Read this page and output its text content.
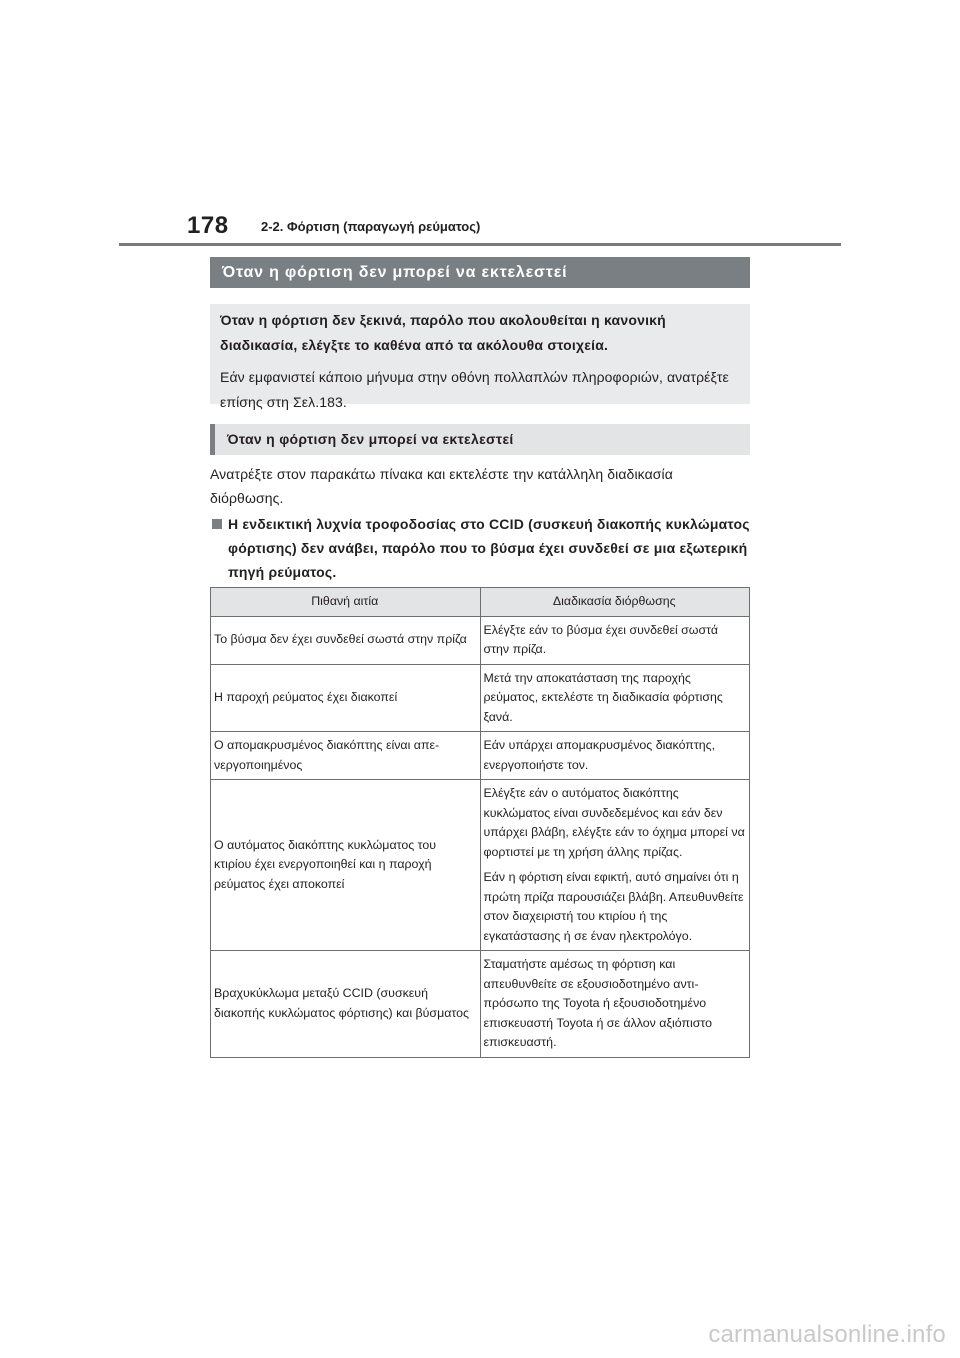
178 2-2. Φόρτιση (παραγωγή ρεύματος)
Όταν η φόρτιση δεν μπορεί να εκτελεστεί
Όταν η φόρτιση δεν ξεκινά, παρόλο που ακολουθείται η κανονική διαδικασία, ελέγξτε το καθένα από τα ακόλουθα στοιχεία.
Εάν εμφανιστεί κάποιο μήνυμα στην οθόνη πολλαπλών πληροφοριών, ανατρέξτε επίσης στη Σελ.183.
Όταν η φόρτιση δεν μπορεί να εκτελεστεί
Ανατρέξτε στον παρακάτω πίνακα και εκτελέστε την κατάλληλη διαδικασία διόρθωσης.
Η ενδεικτική λυχνία τροφοδοσίας στο CCID (συσκευή διακοπής κυκλώματος φόρτισης) δεν ανάβει, παρόλο που το βύσμα έχει συνδεθεί σε μια εξωτερική πηγή ρεύματος.
Πιθανή αιτία	Διαδικασία διόρθωσης
Το βύσμα δεν έχει συνδεθεί σωστά στην πρίζα	Ελέγξτε εάν το βύσμα έχει συνδεθεί σωστά στην πρίζα.

Η παροχή ρεύματος έχει διακοπεί	Μετά την αποκατάσταση της παροχής ρεύματος, εκτελέστε τη διαδικασία φόρτισης ξανά.

Ο απομακρυσμένος διακόπτης είναι απενεργοποιημένος	Εάν υπάρχει απομακρυσμένος διακόπτης, ενεργοποιήστε τον.

Ο αυτόματος διακόπτης κυκλώματος του κτιρίου έχει ενεργοποιηθεί και η παροχή ρεύματος έχει αποκοπεί	Ελέγξτε εάν ο αυτόματος διακόπτης κυκλώματος είναι συνδεδεμένος και εάν δεν υπάρχει βλάβη, ελέγξτε εάν το όχημα μπορεί να φορτιστεί με τη χρήση άλλης πρίζας.

Εάν η φόρτιση είναι εφικτή, αυτό σημαίνει ότι η πρώτη πρίζα παρουσιάζει βλάβη. Απευθυνθείτε στον διαχειριστή του κτιρίου ή της εγκατάστασης ή σε έναν ηλεκτρολόγο.

Βραχυκύκλωμα μεταξύ CCID (συσκευή διακοπής κυκλώματος φόρτισης) και βύσματος	Σταματήστε αμέσως τη φόρτιση και απευθυνθείτε σε εξουσιοδοτημένο αντιπρόσωπο της Toyota ή εξουσιοδοτημένο επισκευαστή Toyota ή σε άλλον αξιόπιστο επισκευαστή.

carmanualsonline.info
